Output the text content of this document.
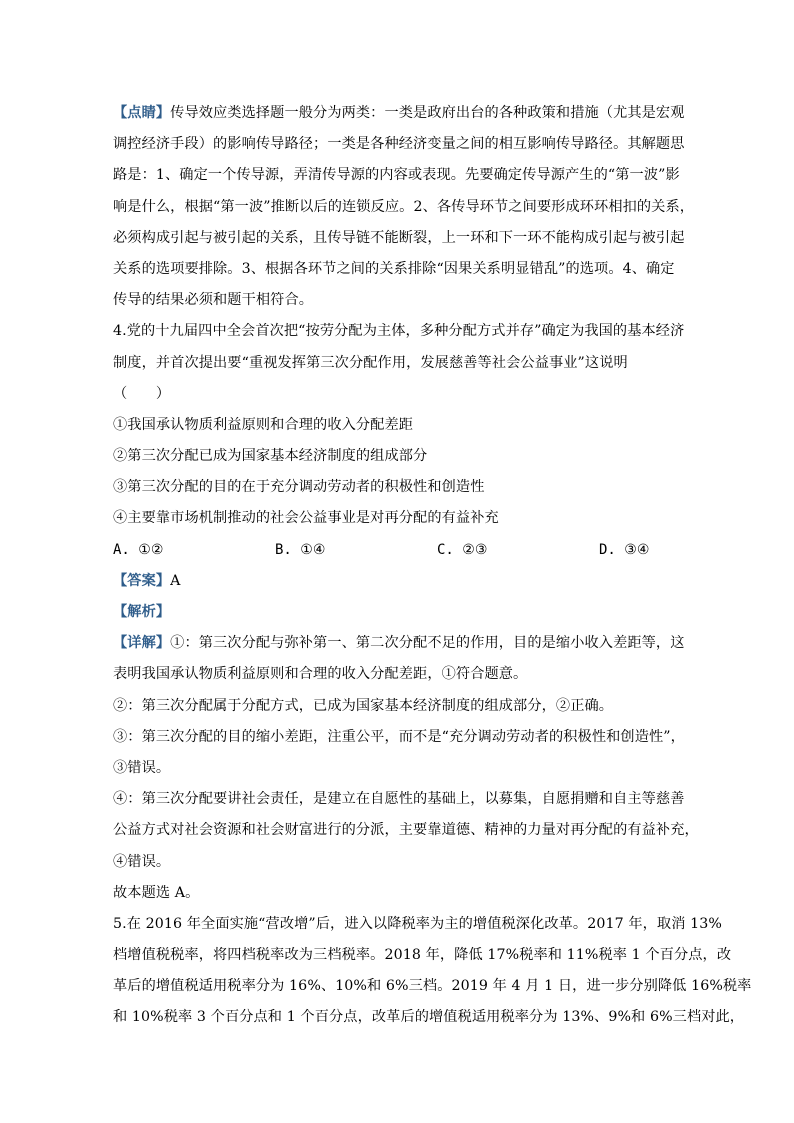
【点睛】传导效应类选择题一般分为两类：一类是政府出台的各种政策和措施（尤其是宏观
调控经济手段）的影响传导路径；一类是各种经济变量之间的相互影响传导路径。其解题思
路是：1、确定一个传导源，弄清传导源的内容或表现。先要确定传导源产生的“第一波”影
响是什么，根据“第一波”推断以后的连锁反应。2、各传导环节之间要形成环环相扣的关系，
必须构成引起与被引起的关系，且传导链不能断裂，上一环和下一环不能构成引起与被引起
关系的选项要排除。3、根据各环节之间的关系排除“因果关系明显错乱”的选项。4、确定
传导的结果必须和题干相符合。
4.党的十九届四中全会首次把“按劳分配为主体，多种分配方式并存”确定为我国的基本经济
制度，并首次提出要“重视发挥第三次分配作用，发展慈善等社会公益事业”这说明
（　　）
①我国承认物质利益原则和合理的收入分配差距
②第三次分配已成为国家基本经济制度的组成部分
③第三次分配的目的在于充分调动劳动者的积极性和创造性
④主要靠市场机制推动的社会公益事业是对再分配的有益补充
A. ①②	B. ①④	C. ②③	D. ③④
【答案】A
【解析】
【详解】①：第三次分配与弥补第一、第二次分配不足的作用，目的是缩小收入差距等，这
表明我国承认物质利益原则和合理的收入分配差距，①符合题意。
②：第三次分配属于分配方式，已成为国家基本经济制度的组成部分，②正确。
③：第三次分配的目的缩小差距，注重公平，而不是“充分调动劳动者的积极性和创造性”，
③错误。
④：第三次分配要讲社会责任，是建立在自愿性的基础上，以募集，自愿捐赠和自主等慈善
公益方式对社会资源和社会财富进行的分派，主要靠道德、精神的力量对再分配的有益补充，
④错误。
故本题选 A。
5.在 2016 年全面实施“营改增”后，进入以降税率为主的增值税深化改革。2017 年，取消 13%
档增值税税率，将四档税率改为三档税率。2018 年，降低 17%税率和 11%税率 1 个百分点，改
革后的增值税适用税率分为 16%、10%和 6%三档。2019 年 4 月 1 日，进一步分别降低 16%税率
和 10%税率 3 个百分点和 1 个百分点，改革后的增值税适用税率分为 13%、9%和 6%三档对此，
